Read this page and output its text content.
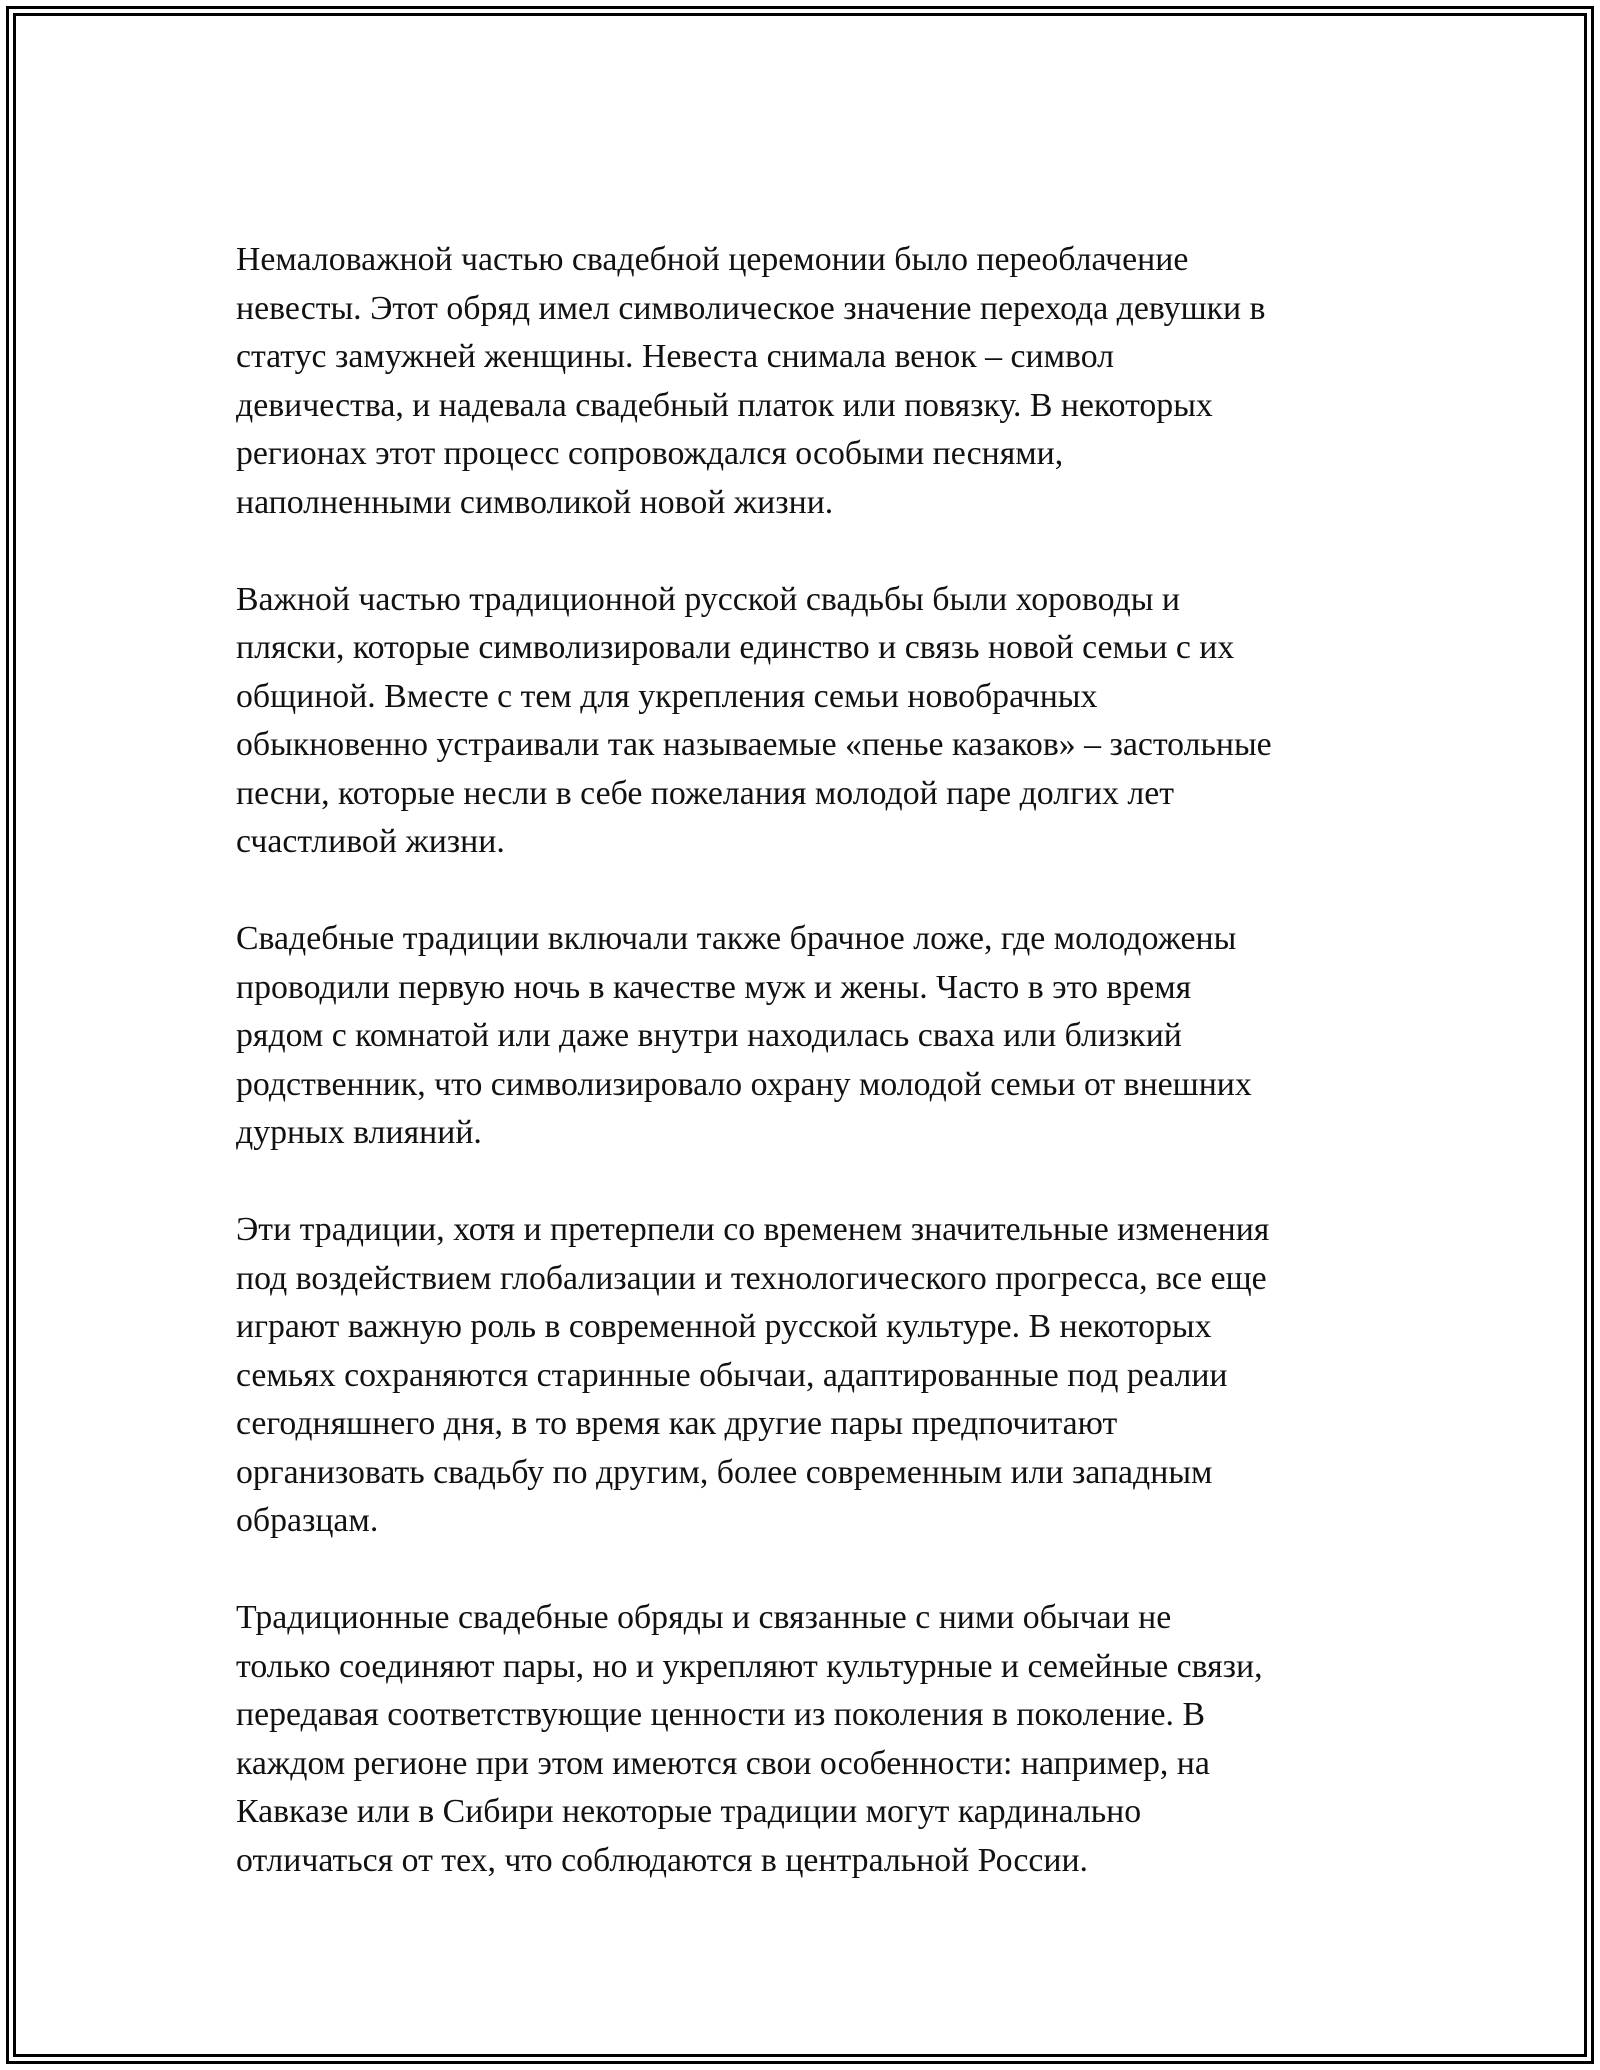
Немаловажной частью свадебной церемонии было переоблачение
невесты. Этот обряд имел символическое значение перехода девушки в
статус замужней женщины. Невеста снимала венок – символ
девичества, и надевала свадебный платок или повязку. В некоторых
регионах этот процесс сопровождался особыми песнями,
наполненными символикой новой жизни.

Важной частью традиционной русской свадьбы были хороводы и
пляски, которые символизировали единство и связь новой семьи с их
общиной. Вместе с тем для укрепления семьи новобрачных
обыкновенно устраивали так называемые «пенье казаков» – застольные
песни, которые несли в себе пожелания молодой паре долгих лет
счастливой жизни.

Свадебные традиции включали также брачное ложе, где молодожены
проводили первую ночь в качестве муж и жены. Часто в это время
рядом с комнатой или даже внутри находилась сваха или близкий
родственник, что символизировало охрану молодой семьи от внешних
дурных влияний.

Эти традиции, хотя и претерпели со временем значительные изменения
под воздействием глобализации и технологического прогресса, все еще
играют важную роль в современной русской культуре. В некоторых
семьях сохраняются старинные обычаи, адаптированные под реалии
сегодняшнего дня, в то время как другие пары предпочитают
организовать свадьбу по другим, более современным или западным
образцам.

Традиционные свадебные обряды и связанные с ними обычаи не
только соединяют пары, но и укрепляют культурные и семейные связи,
передавая соответствующие ценности из поколения в поколение. В
каждом регионе при этом имеются свои особенности: например, на
Кавказе или в Сибири некоторые традиции могут кардинально
отличаться от тех, что соблюдаются в центральной России.
